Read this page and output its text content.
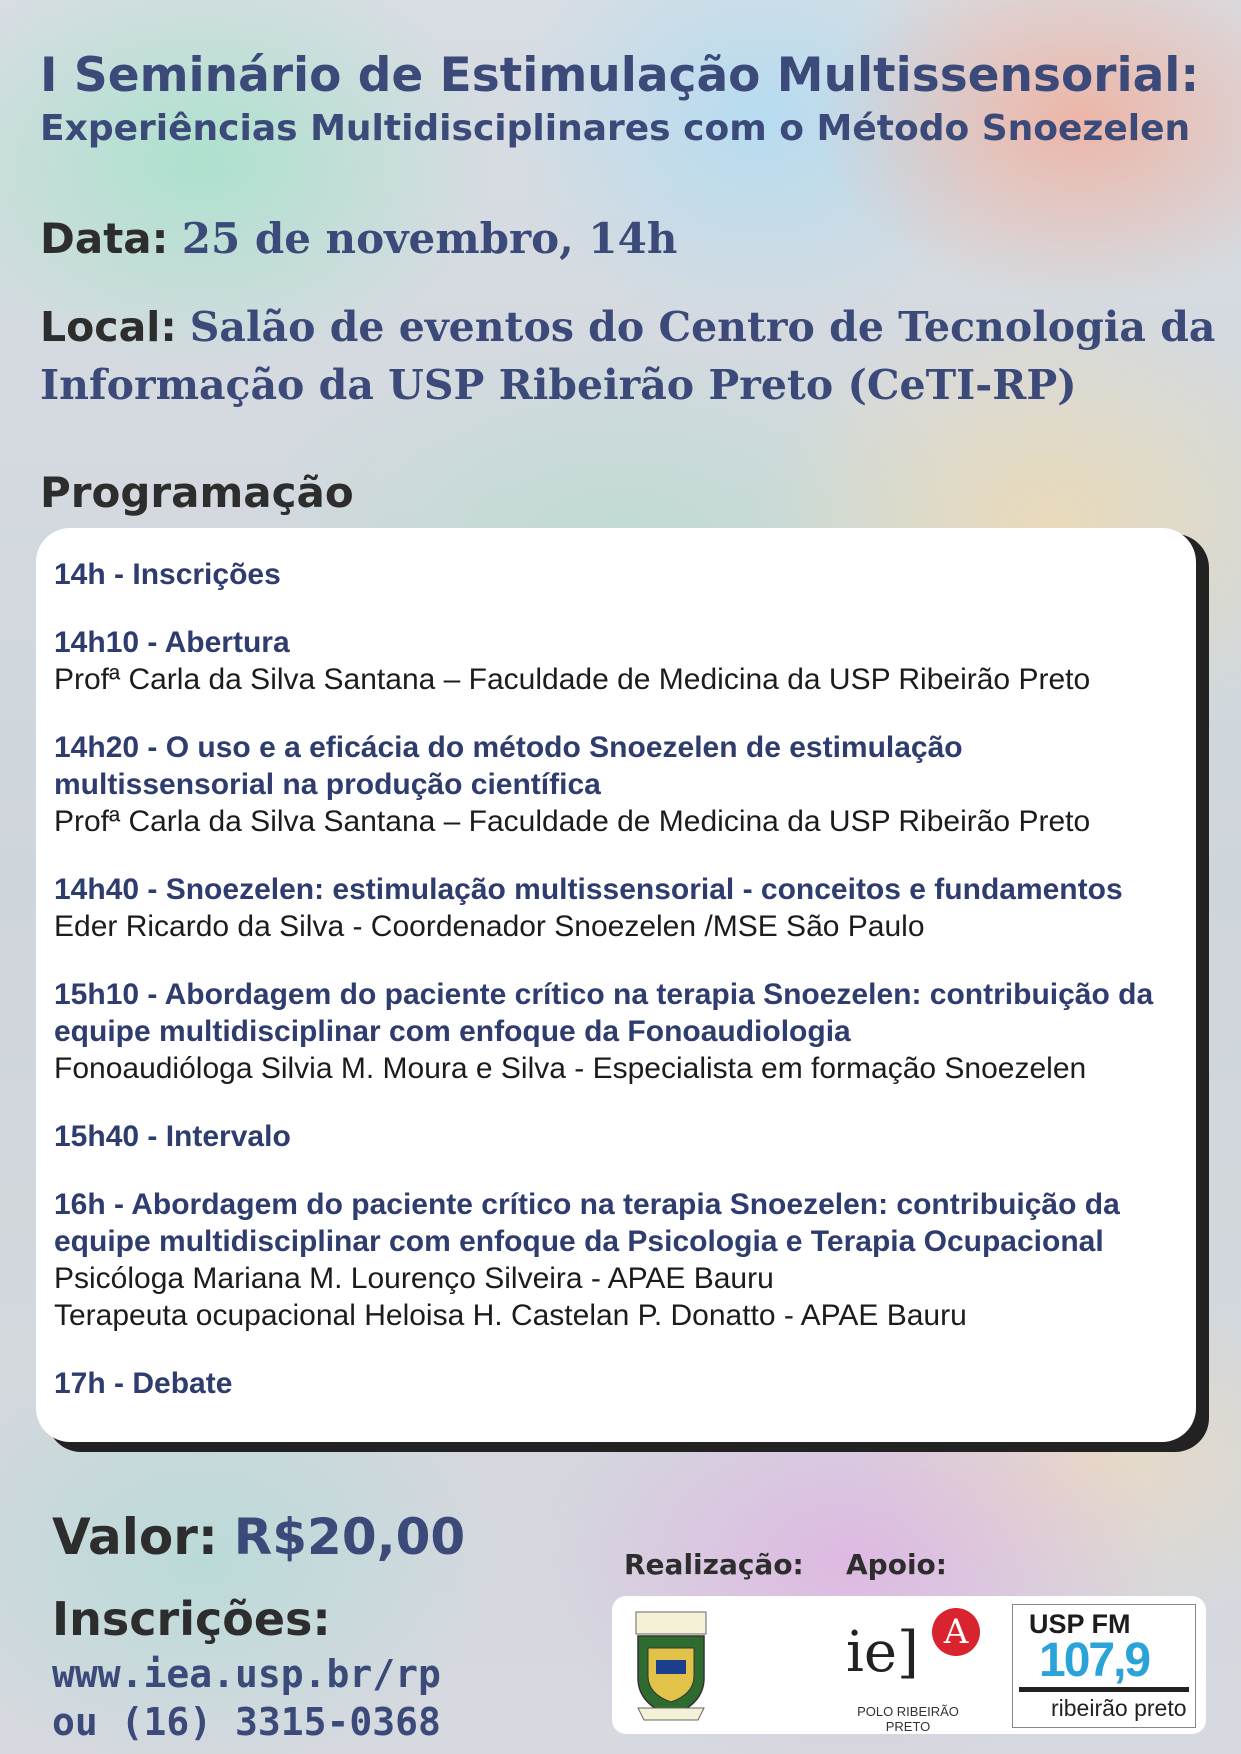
I Seminário de Estimulação Multissensorial:
Experiências Multidisciplinares com o Método Snoezelen
Data: 25 de novembro, 14h
Local: Salão de eventos do Centro de Tecnologia da Informação da USP Ribeirão Preto (CeTI-RP)
Programação
14h - Inscrições
14h10 - Abertura
Profª Carla da Silva Santana – Faculdade de Medicina da USP Ribeirão Preto
14h20 - O uso e a eficácia do método Snoezelen de estimulação multissensorial na produção científica
Profª Carla da Silva Santana – Faculdade de Medicina da USP Ribeirão Preto
14h40 - Snoezelen: estimulação multissensorial - conceitos e fundamentos
Eder Ricardo da Silva - Coordenador Snoezelen /MSE São Paulo
15h10 - Abordagem do paciente crítico na terapia Snoezelen: contribuição da equipe multidisciplinar com enfoque da Fonoaudiologia
Fonoaudióloga Silvia M. Moura e Silva - Especialista em formação Snoezelen
15h40 - Intervalo
16h - Abordagem do paciente crítico na terapia Snoezelen: contribuição da equipe multidisciplinar com enfoque da Psicologia e Terapia Ocupacional
Psicóloga Mariana M. Lourenço Silveira - APAE Bauru
Terapeuta ocupacional Heloisa H. Castelan P. Donatto - APAE Bauru
17h - Debate
Valor: R$20,00
Inscrições:
www.iea.usp.br/rp
ou (16) 3315-0368
Realização: Apoio:
ie] A
POLO RIBEIRÃO PRETO
USP FM
107,9
ribeirão preto
